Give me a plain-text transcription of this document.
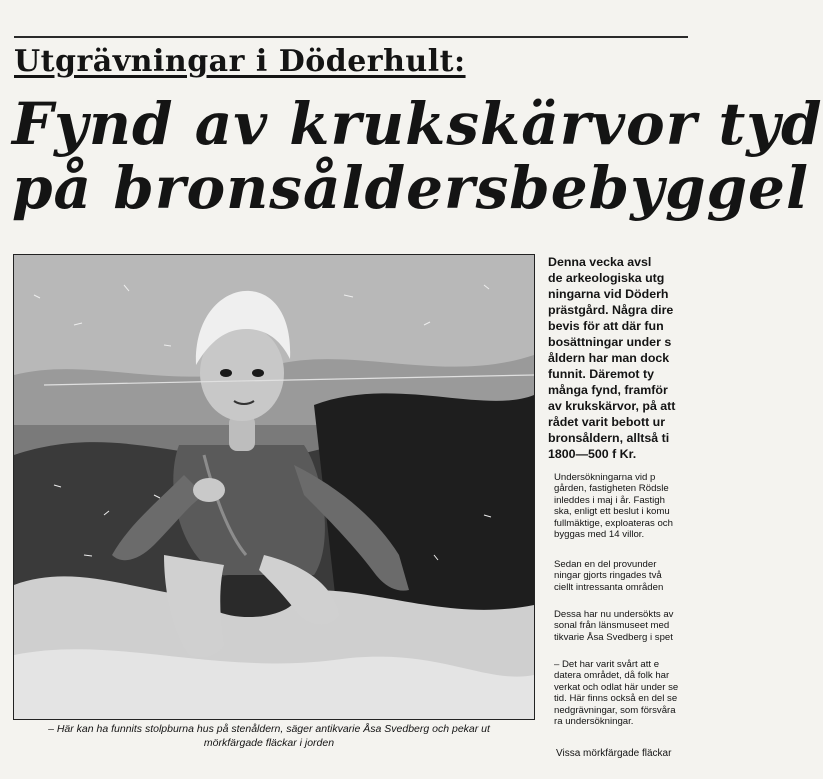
Utgrävningar i Döderhult:
Fynd av krukskärvor tyd
på bronsåldersbebyggel

– Här kan ha funnits stolpburna hus på stenåldern, säger antikvarie Åsa Svedberg och pekar ut
mörkfärgade fläckar i jorden

Denna vecka avsl
de arkeologiska utg
ningarna vid Döderh
prästgård. Några dire
bevis för att där fun
bosättningar under s
åldern har man dock
funnit. Däremot ty
många fynd, framför
av krukskärvor, på att
rådet varit bebott ur
bronsåldern, alltså ti
1800—500 f Kr.

Undersökningarna vid p
gården, fastigheten Rödsle
inleddes i maj i år. Fastigh
ska, enligt ett beslut i komu
fullmäktige, exploateras och
byggas med 14 villor.

Sedan en del provunder
ningar gjorts ringades två
ciellt intressanta områden

Dessa har nu undersökts av
sonal från länsmuseet med
tikvarie Åsa Svedberg i spet

– Det har varit svårt att e
datera området, då folk har
verkat och odlat här under se
tid. Här finns också en del se
nedgrävningar, som försvåra
ra undersökningar.

Vissa mörkfärgade fläckar
